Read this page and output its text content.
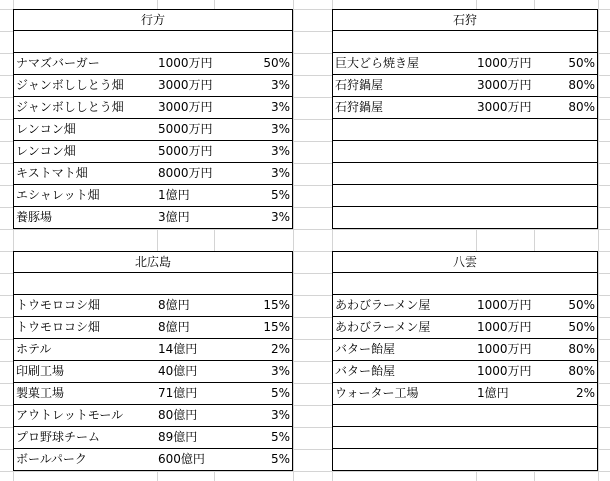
行方
ナマズバーガー	1000万円	50%
ジャンボししとう畑	3000万円	3%
ジャンボししとう畑	3000万円	3%
レンコン畑	5000万円	3%
レンコン畑	5000万円	3%
キストマト畑	8000万円	3%
エシャレット畑	1億円	5%
養豚場	3億円	3%
石狩
巨大どら焼き屋	1000万円	50%
石狩鍋屋	3000万円	80%
石狩鍋屋	3000万円	80%
北広島
トウモロコシ畑	8億円	15%
トウモロコシ畑	8億円	15%
ホテル	14億円	2%
印刷工場	40億円	3%
製菓工場	71億円	5%
アウトレットモール	80億円	3%
プロ野球チーム	89億円	5%
ボールパーク	600億円	5%
八雲
あわびラーメン屋	1000万円	50%
あわびラーメン屋	1000万円	50%
バター飴屋	1000万円	80%
バター飴屋	1000万円	80%
ウォーター工場	1億円	2%
